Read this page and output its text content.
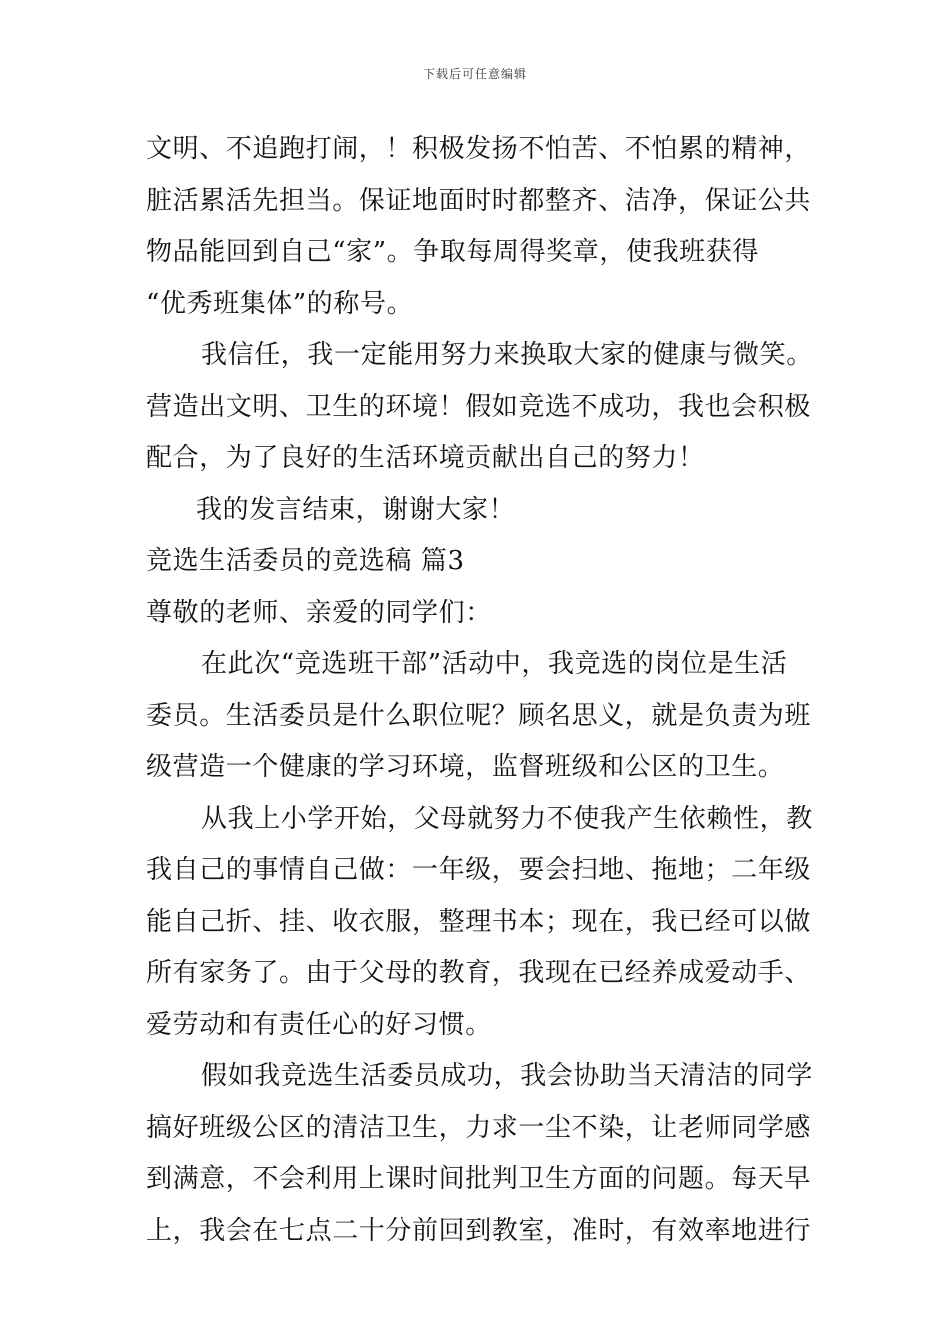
下载后可任意编辑
文明、不追跑打闹，！积极发扬不怕苦、不怕累的精神，
脏活累活先担当。保证地面时时都整齐、洁净，保证公共
物品能回到自己“家”。争取每周得奖章，使我班获得
“优秀班集体”的称号。
我信任，我一定能用努力来换取大家的健康与微笑。
营造出文明、卫生的环境！假如竞选不成功，我也会积极
配合，为了良好的生活环境贡献出自己的努力！
我的发言结束，谢谢大家！
竞选生活委员的竞选稿 篇3
尊敬的老师、亲爱的同学们：
在此次“竞选班干部”活动中，我竞选的岗位是生活
委员。生活委员是什么职位呢？顾名思义，就是负责为班
级营造一个健康的学习环境，监督班级和公区的卫生。
从我上小学开始，父母就努力不使我产生依赖性，教
我自己的事情自己做：一年级，要会扫地、拖地；二年级
能自己折、挂、收衣服，整理书本；现在，我已经可以做
所有家务了。由于父母的教育，我现在已经养成爱动手、
爱劳动和有责任心的好习惯。
假如我竞选生活委员成功，我会协助当天清洁的同学
搞好班级公区的清洁卫生，力求一尘不染，让老师同学感
到满意，不会利用上课时间批判卫生方面的问题。每天早
上，我会在七点二十分前回到教室，准时，有效率地进行
